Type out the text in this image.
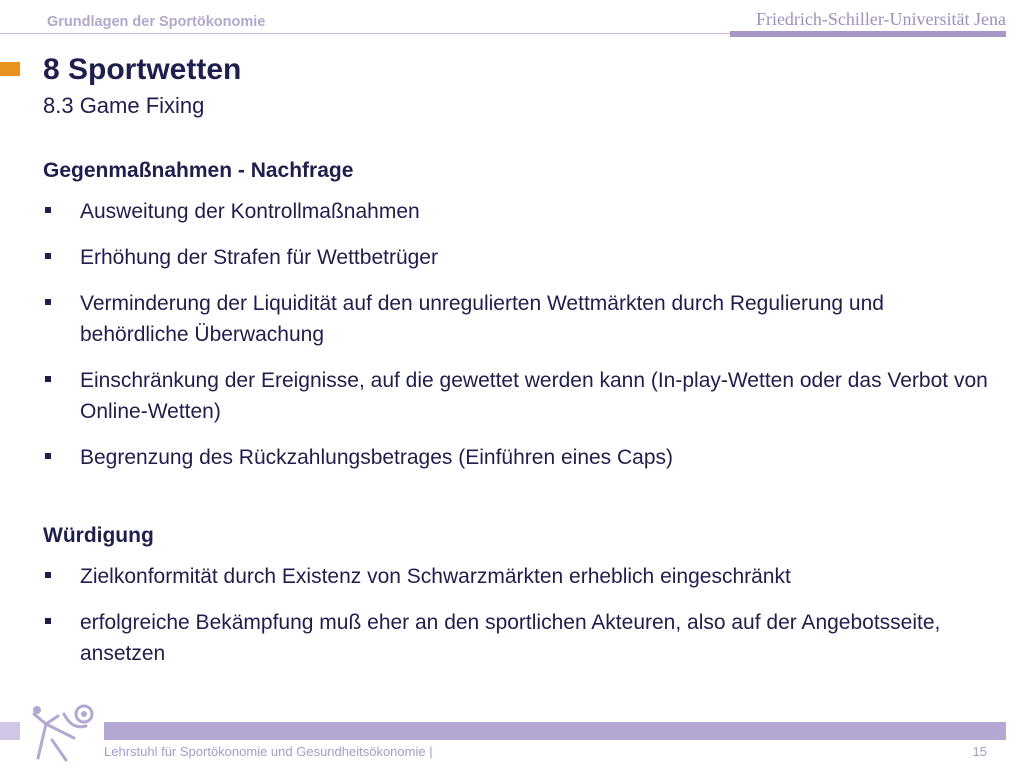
Grundlagen der Sportökonomie	Friedrich-Schiller-Universität Jena
8 Sportwetten
8.3 Game Fixing
Gegenmaßnahmen - Nachfrage
Ausweitung der Kontrollmaßnahmen
Erhöhung der Strafen für Wettbetrüger
Verminderung der Liquidität auf den unregulierten Wettmärkten durch Regulierung und behördliche Überwachung
Einschränkung der Ereignisse, auf die gewettet werden kann (In-play-Wetten oder das Verbot von Online-Wetten)
Begrenzung des Rückzahlungsbetrages (Einführen eines Caps)
Würdigung
Zielkonformität durch Existenz von Schwarzmärkten erheblich eingeschränkt
erfolgreiche Bekämpfung muß eher an den sportlichen Akteuren, also auf der Angebotsseite, ansetzen
Lehrstuhl für Sportökonomie und Gesundheitsökonomie |	15
